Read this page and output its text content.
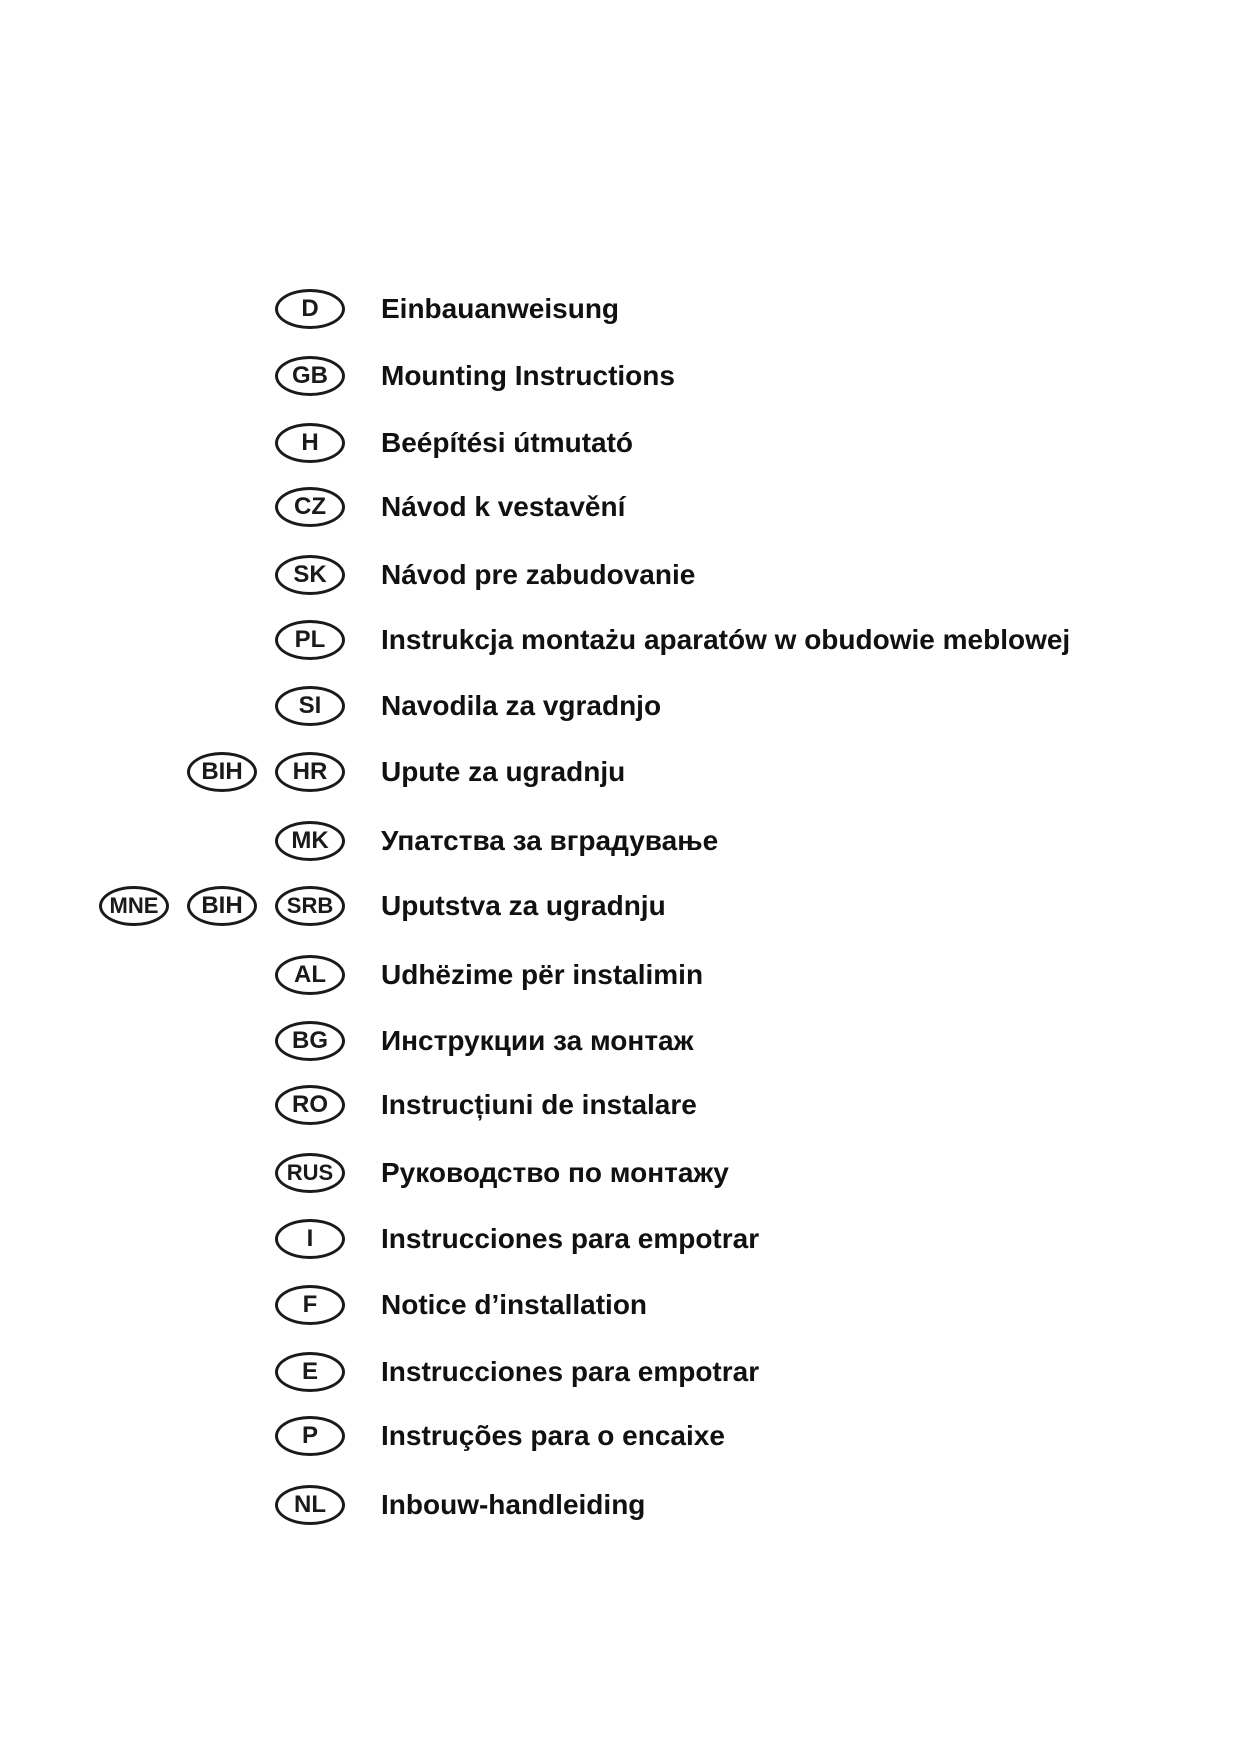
D	Einbauanweisung
GB	Mounting Instructions
H	Beépítési útmutató
CZ	Návod k vestavění
SK	Návod pre zabudovanie
PL	Instrukcja montażu aparatów w obudowie meblowej
SI	Navodila za vgradnjo
BIH	HR	Upute za ugradnju
MK	Упатства за вградување
MNE	BIH	SRB	Uputstva za ugradnju
AL	Udhëzime për instalimin
BG	Инструкции за монтаж
RO	Instrucțiuni de instalare
RUS	Руководство по монтажу
I	Instrucciones para empotrar
F	Notice d’installation
E	Instrucciones para empotrar
P	Instruções para o encaixe
NL	Inbouw-handleiding
